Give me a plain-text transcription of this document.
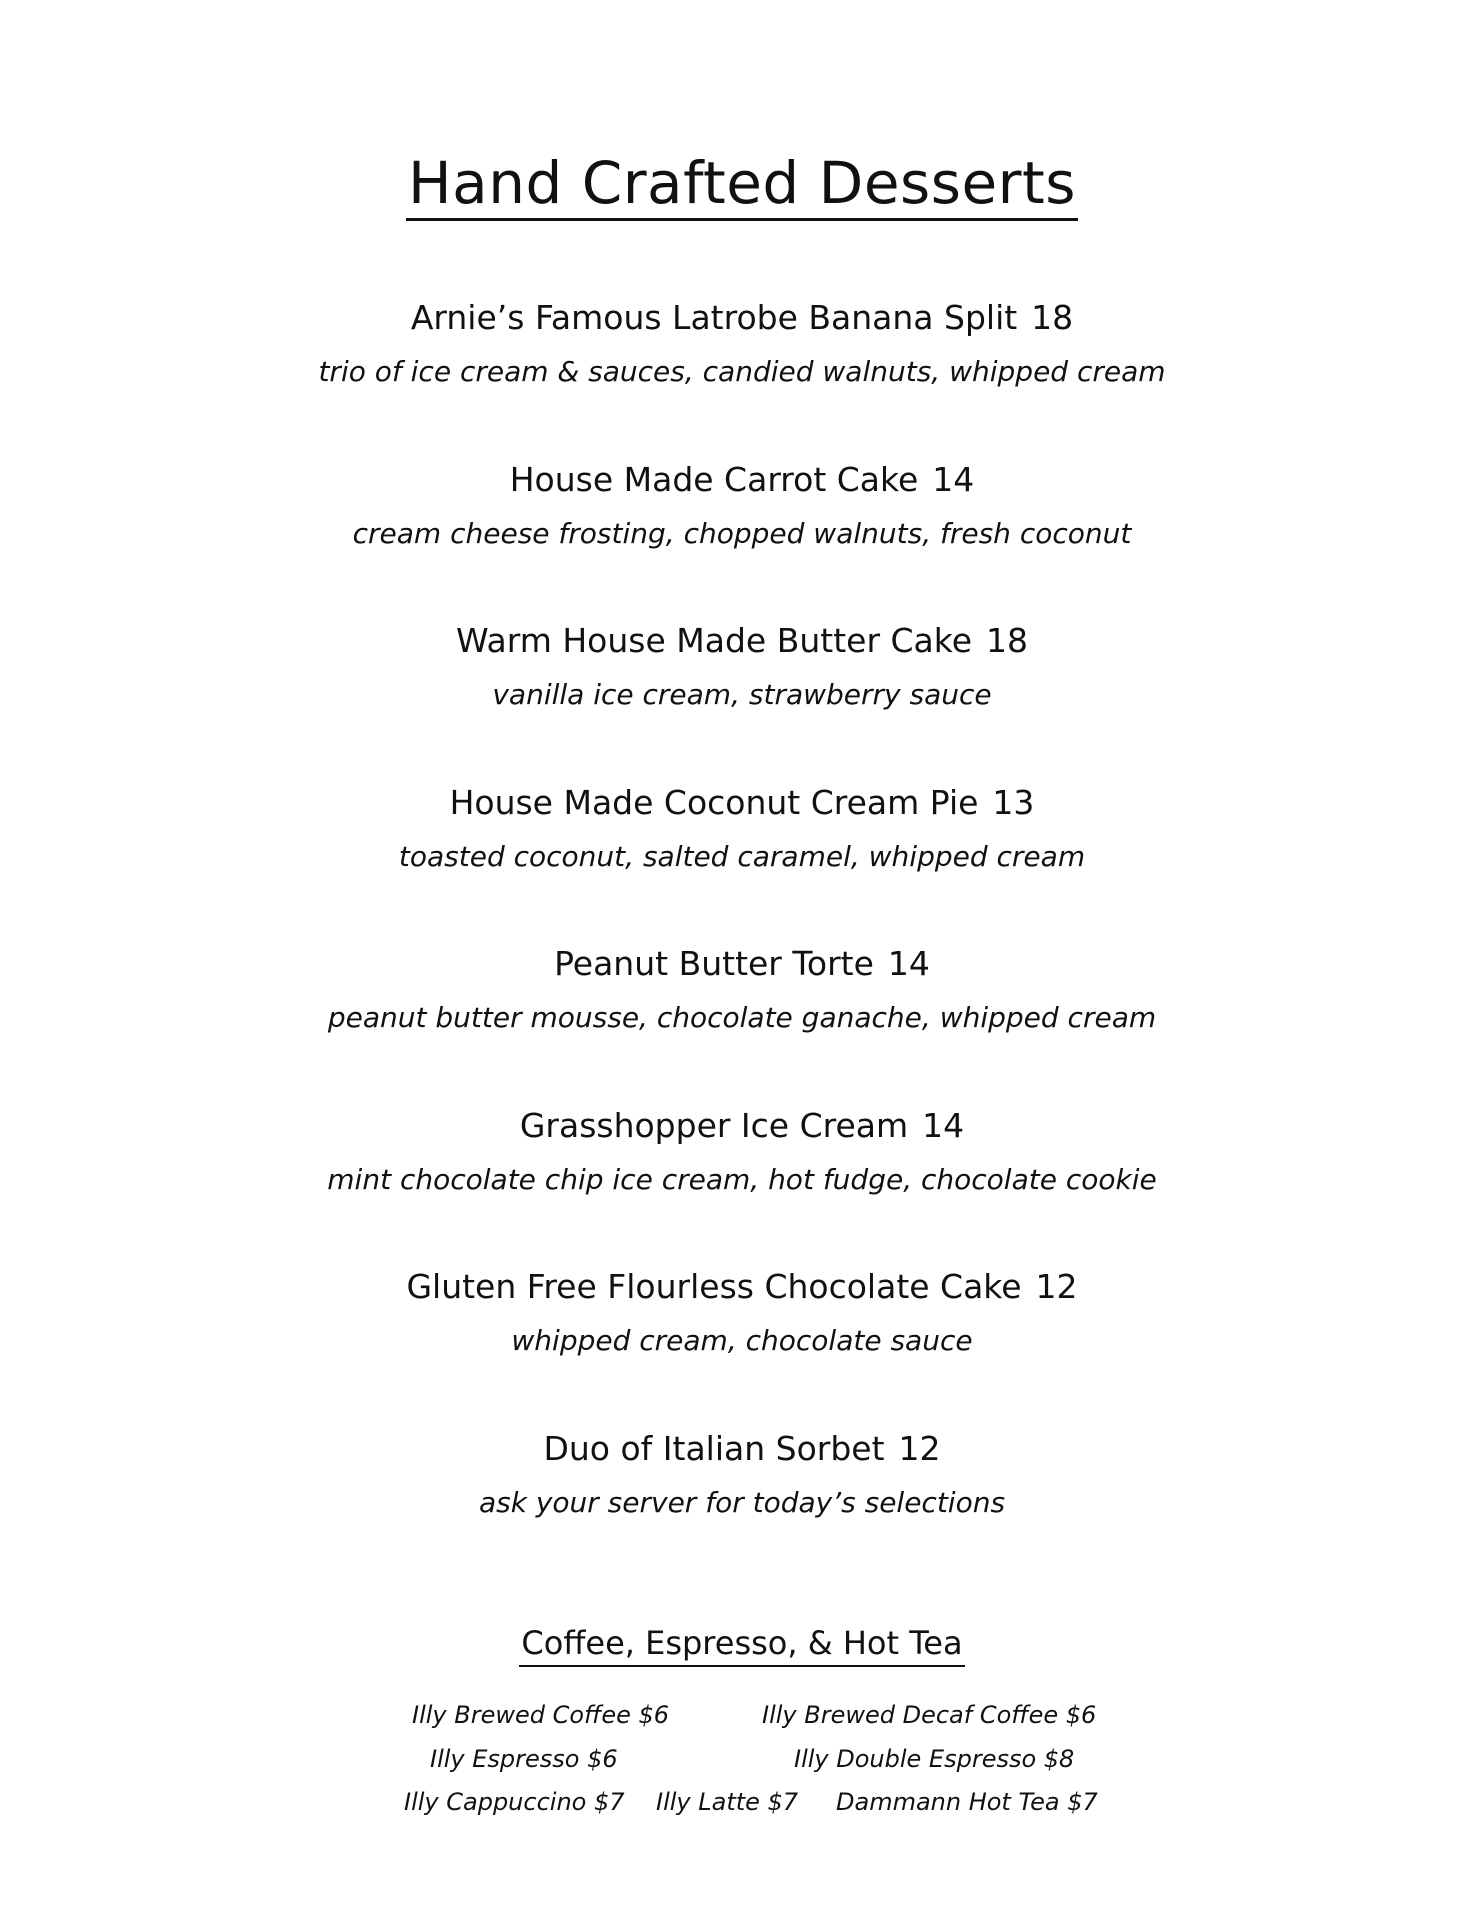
Hand Crafted Desserts
Arnie’s Famous Latrobe Banana Split 18
trio of ice cream & sauces, candied walnuts, whipped cream
House Made Carrot Cake 14
cream cheese frosting, chopped walnuts, fresh coconut
Warm House Made Butter Cake 18
vanilla ice cream, strawberry sauce
House Made Coconut Cream Pie 13
toasted coconut, salted caramel, whipped cream
Peanut Butter Torte 14
peanut butter mousse, chocolate ganache, whipped cream
Grasshopper Ice Cream 14
mint chocolate chip ice cream, hot fudge, chocolate cookie
Gluten Free Flourless Chocolate Cake 12
whipped cream, chocolate sauce
Duo of Italian Sorbet 12
ask your server for today’s selections
Coffee, Espresso, & Hot Tea
Illy Brewed Coffee $6	Illy Brewed Decaf Coffee $6
Illy Espresso $6	Illy Double Espresso $8
Illy Cappuccino $7 Illy Latte $7 Dammann Hot Tea $7
